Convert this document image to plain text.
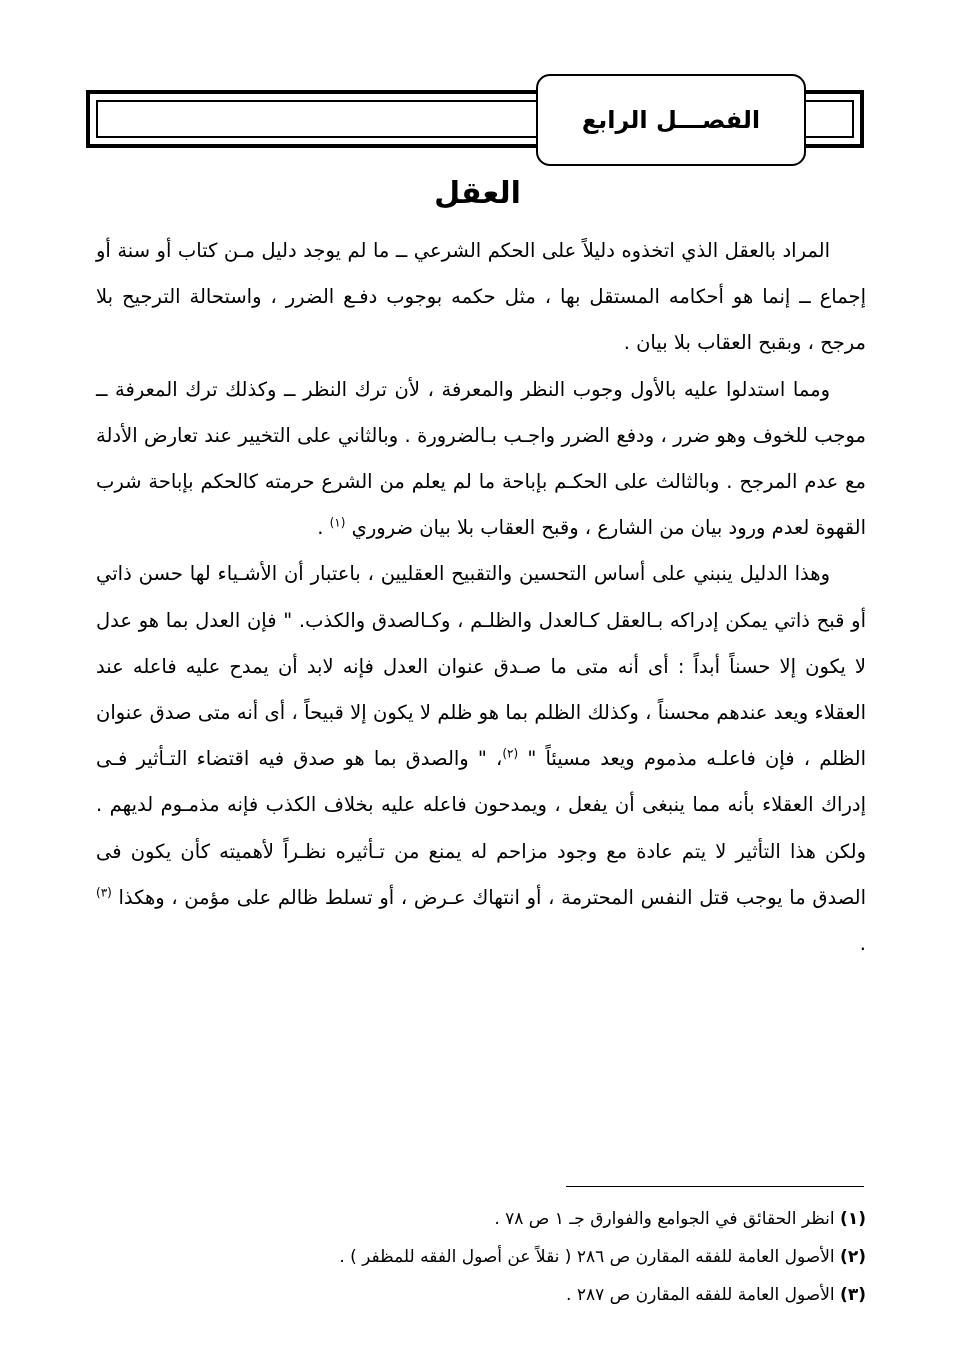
الفصـــل الرابع
العقل

المراد بالعقل الذي اتخذوه دليلاً على الحكم الشرعي ــ ما لم يوجد دليل مـن كتاب أو سنة أو إجماع ــ إنما هو أحكامه المستقل بها ، مثل حكمه بوجوب دفـع الضرر ، واستحالة الترجيح بلا مرجح ، وبقبح العقاب بلا بيان .

ومما استدلوا عليه بالأول وجوب النظر والمعرفة ، لأن ترك النظر ــ وكذلك ترك المعرفة ــ موجب للخوف وهو ضرر ، ودفع الضرر واجـب بـالضرورة . وبالثاني على التخيير عند تعارض الأدلة مع عدم المرجح . وبالثالث على الحكـم بإباحة ما لم يعلم من الشرع حرمته كالحكم بإباحة شرب القهوة لعدم ورود بيان من الشارع ، وقبح العقاب بلا بيان ضروري $^{(١)}$ .

وهذا الدليل ينبني على أساس التحسين والتقبيح العقليين ، باعتبار أن الأشـياء لها حسن ذاتي أو قبح ذاتي يمكن إدراكه بـالعقل كـالعدل والظلـم ، وكـالصدق والكذب. " فإن العدل بما هو عدل لا يكون إلا حسناً أبداً : أى أنه متى ما صـدق عنوان العدل فإنه لابد أن يمدح عليه فاعله عند العقلاء ويعد عندهم محسناً ، وكذلك الظلم بما هو ظلم لا يكون إلا قبيحاً ، أى أنه متى صدق عنوان الظلم ، فإن فاعلـه مذموم ويعد مسيئاً " $^{(٢)}$، " والصدق بما هو صدق فيه اقتضاء التـأثير فـى إدراك العقلاء بأنه مما ينبغى أن يفعل ، ويمدحون فاعله عليه بخلاف الكذب فإنه مذمـوم لديهم . ولكن هذا التأثير لا يتم عادة مع وجود مزاحم له يمنع من تـأثيره نظـراً لأهميته كأن يكون فى الصدق ما يوجب قتل النفس المحترمة ، أو انتهاك عـرض ، أو تسلط ظالم على مؤمن ، وهكذا $^{(٣)}$ .

(١) انظر الحقائق في الجوامع والفوارق جـ ١ ص ٧٨ .
(٢) الأصول العامة للفقه المقارن ص ٢٨٦ ( نقلاً عن أصول الفقه للمظفر ) .
(٣) الأصول العامة للفقه المقارن ص ٢٨٧ .
